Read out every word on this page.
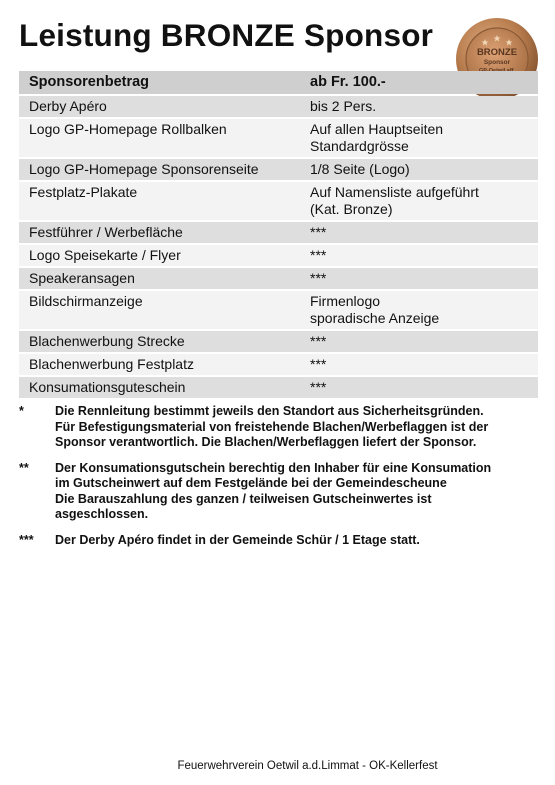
Leistung BRONZE Sponsor	BRONZE
Sponsor
Sponsorenbetrag	ab Fr. 100.-
Derby Apéro	bis 2 Pers.
Logo GP-Homepage Rollbalken	Auf allen Hauptseiten
Standardgrösse
Logo GP-Homepage Sponsorenseite	1/8 Seite (Logo)
Festplatz-Plakate	Auf Namensliste aufgeführt
(Kat. Bronze)
Festführer / Werbefläche	***
Logo Speisekarte / Flyer	***
Speakeransagen	***
Bildschirmanzeige	Firmenlogo
sporadische Anzeige
Blachenwerbung Strecke	***
Blachenwerbung Festplatz	***
Konsumationsguteschein	***
*	Die Rennleitung bestimmt jeweils den Standort aus Sicherheitsgründen.
Für Befestigungsmaterial von freistehende Blachen/Werbeflaggen ist der
Sponsor verantwortlich. Die Blachen/Werbeflaggen liefert der Sponsor.
**	Der Konsumationsgutschein berechtig den Inhaber für eine Konsumation
im Gutscheinwert auf dem Festgelände bei der Gemeindescheune
Die Barauszahlung des ganzen / teilweisen Gutscheinwertes ist
asgeschlossen.
***	Der Derby Apéro findet in der Gemeinde Schür / 1 Etage statt.
Feuerwehrverein Oetwil a.d.Limmat - OK-Kellerfest
